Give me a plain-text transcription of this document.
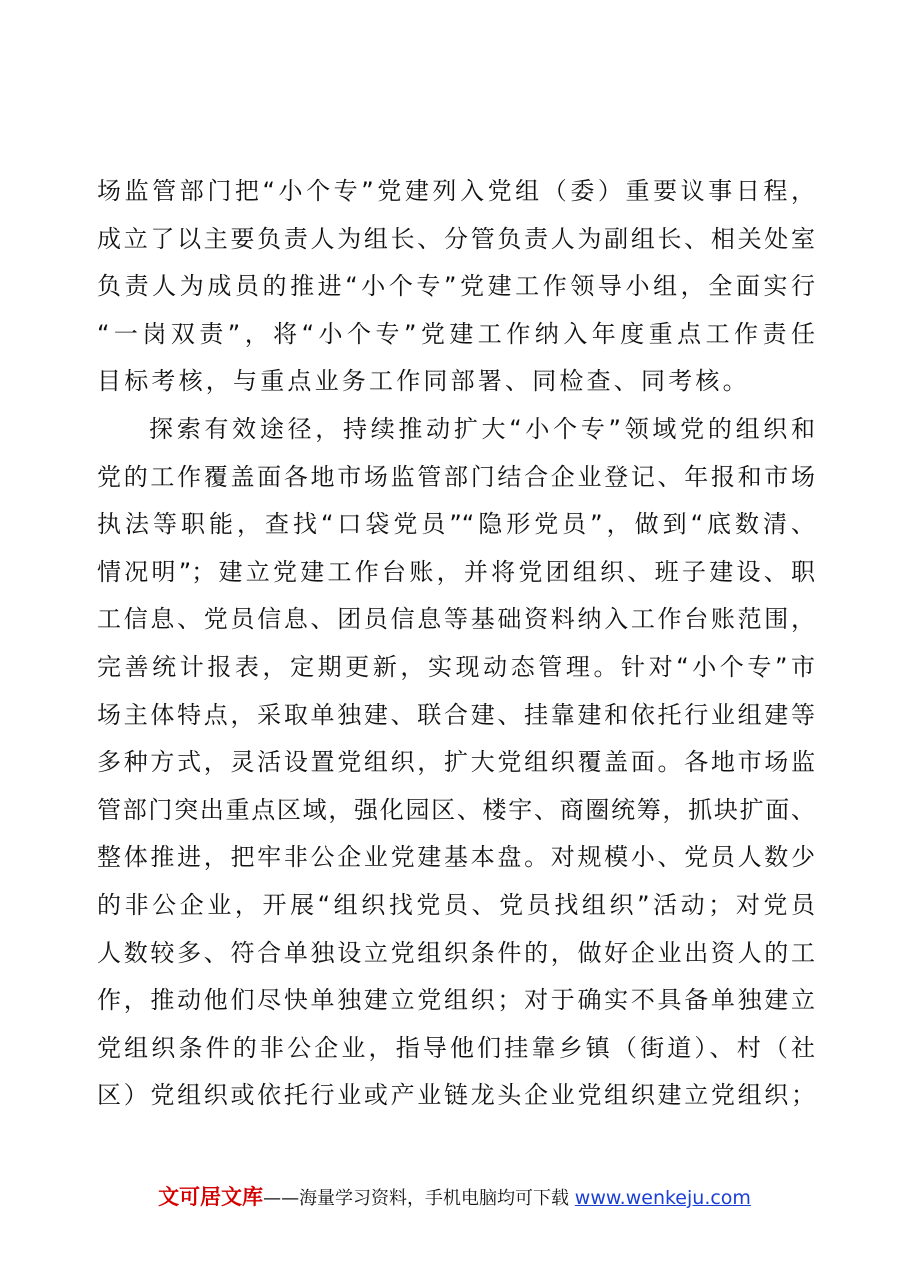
场监管部门把“小个专”党建列入党组（委）重要议事日程，
成立了以主要负责人为组长、分管负责人为副组长、相关处室
负责人为成员的推进“小个专”党建工作领导小组，全面实行
“一岗双责”，将“小个专”党建工作纳入年度重点工作责任
目标考核，与重点业务工作同部署、同检查、同考核。
探索有效途径，持续推动扩大“小个专”领域党的组织和
党的工作覆盖面各地市场监管部门结合企业登记、年报和市场
执法等职能，查找“口袋党员”“隐形党员”，做到“底数清、
情况明”；建立党建工作台账，并将党团组织、班子建设、职
工信息、党员信息、团员信息等基础资料纳入工作台账范围，
完善统计报表，定期更新，实现动态管理。针对“小个专”市
场主体特点，采取单独建、联合建、挂靠建和依托行业组建等
多种方式，灵活设置党组织，扩大党组织覆盖面。各地市场监
管部门突出重点区域，强化园区、楼宇、商圈统筹，抓块扩面、
整体推进，把牢非公企业党建基本盘。对规模小、党员人数少
的非公企业，开展“组织找党员、党员找组织”活动；对党员
人数较多、符合单独设立党组织条件的，做好企业出资人的工
作，推动他们尽快单独建立党组织；对于确实不具备单独建立
党组织条件的非公企业，指导他们挂靠乡镇（街道）、村（社
区）党组织或依托行业或产业链龙头企业党组织建立党组织；
文可居文库——海量学习资料，手机电脑均可下载 www.wenkeju.com
